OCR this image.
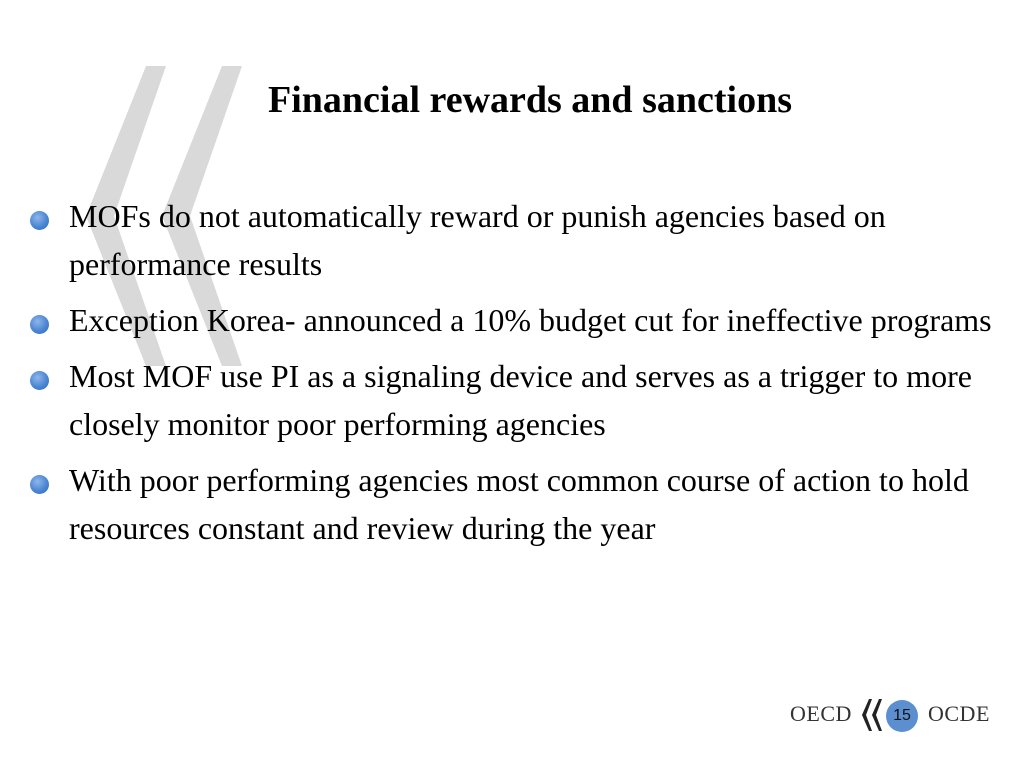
Financial rewards and sanctions
MOFs do not automatically reward or punish agencies based on performance results
Exception Korea- announced a 10% budget cut for ineffective programs
Most MOF use PI as a signaling device and serves as a trigger to more closely monitor poor performing agencies
With poor performing agencies most common course of action to hold resources constant and review during the year
OECD	15 OCDE
